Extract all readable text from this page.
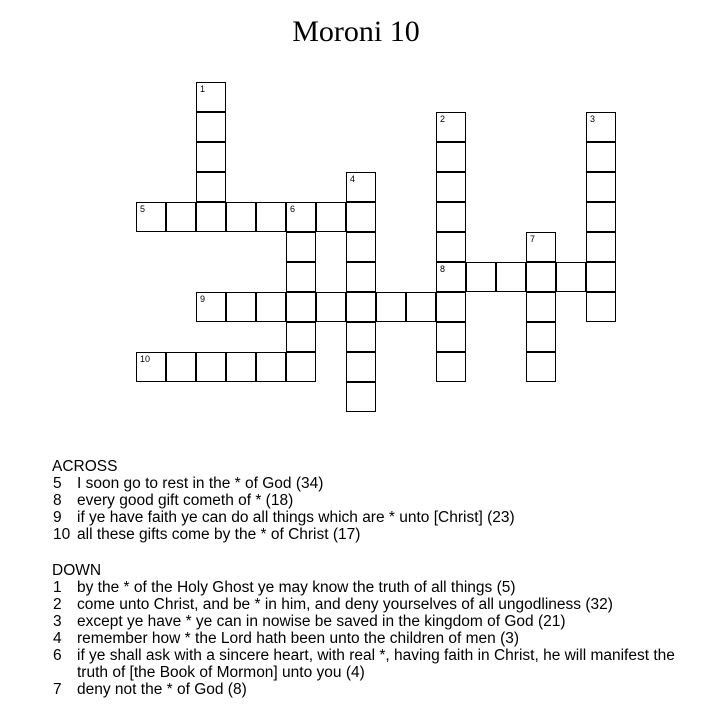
Moroni 10
1
2
8
3
4
5	6
7
9
10
ACROSS
5 I soon go to rest in the * of God (34)
8 every good gift cometh of * (18)
9 if ye have faith ye can do all things which are * unto [Christ] (23)
10 all these gifts come by the * of Christ (17)
DOWN
1 by the * of the Holy Ghost ye may know the truth of all things (5)
2 come unto Christ, and be * in him, and deny yourselves of all ungodliness (32)
3 except ye have * ye can in nowise be saved in the kingdom of God (21)
4 remember how * the Lord hath been unto the children of men (3)
6 if ye shall ask with a sincere heart, with real *, having faith in Christ, he will manifest the truth of [the Book of Mormon] unto you (4)
7 deny not the * of God (8)
